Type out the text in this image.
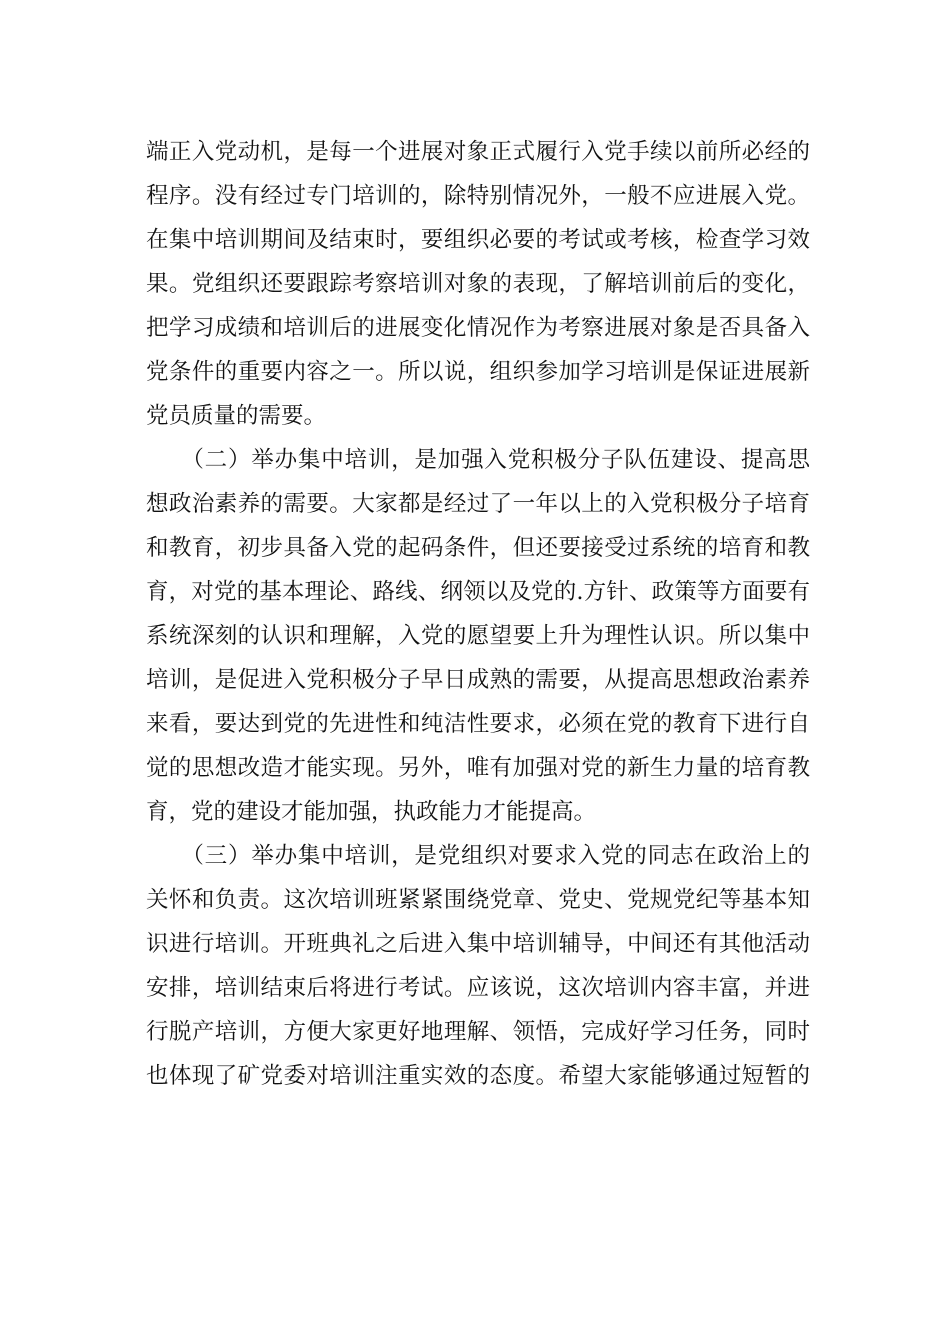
端正入党动机，是每一个进展对象正式履行入党手续以前所必经的
程序。没有经过专门培训的，除特别情况外，一般不应进展入党。
在集中培训期间及结束时，要组织必要的考试或考核，检查学习效
果。党组织还要跟踪考察培训对象的表现，了解培训前后的变化，
把学习成绩和培训后的进展变化情况作为考察进展对象是否具备入
党条件的重要内容之一。所以说，组织参加学习培训是保证进展新
党员质量的需要。
　　（二）举办集中培训，是加强入党积极分子队伍建设、提高思
想政治素养的需要。大家都是经过了一年以上的入党积极分子培育
和教育，初步具备入党的起码条件，但还要接受过系统的培育和教
育，对党的基本理论、路线、纲领以及党的.方针、政策等方面要有
系统深刻的认识和理解，入党的愿望要上升为理性认识。所以集中
培训，是促进入党积极分子早日成熟的需要，从提高思想政治素养
来看，要达到党的先进性和纯洁性要求，必须在党的教育下进行自
觉的思想改造才能实现。另外，唯有加强对党的新生力量的培育教
育，党的建设才能加强，执政能力才能提高。
　　（三）举办集中培训，是党组织对要求入党的同志在政治上的
关怀和负责。这次培训班紧紧围绕党章、党史、党规党纪等基本知
识进行培训。开班典礼之后进入集中培训辅导，中间还有其他活动
安排，培训结束后将进行考试。应该说，这次培训内容丰富，并进
行脱产培训，方便大家更好地理解、领悟，完成好学习任务，同时
也体现了矿党委对培训注重实效的态度。希望大家能够通过短暂的
